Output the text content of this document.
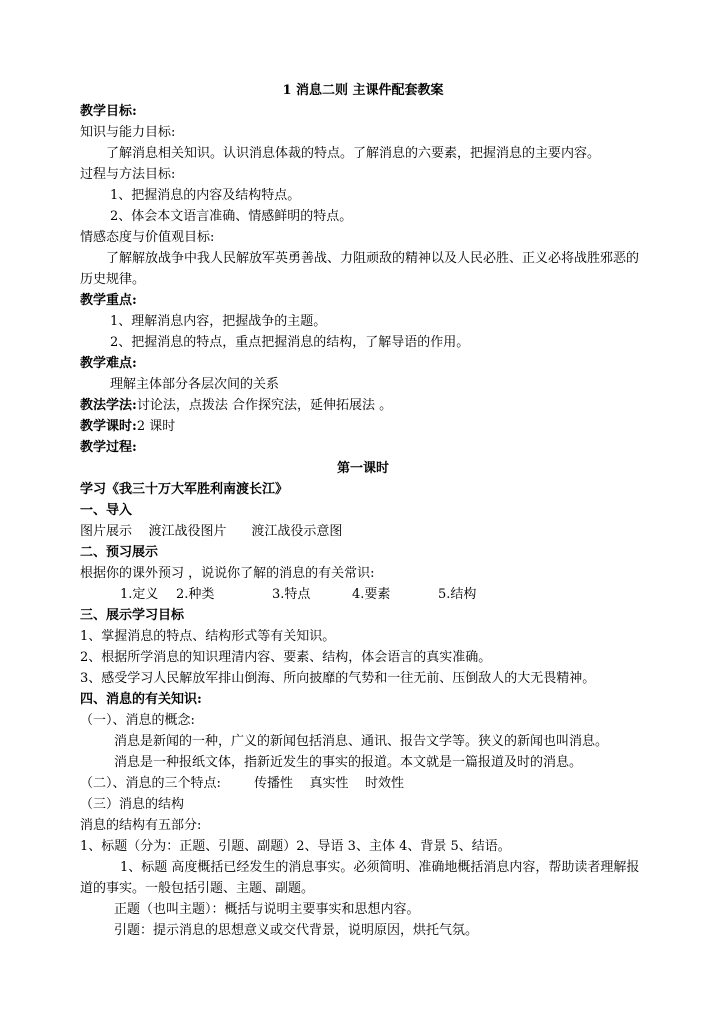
1 消息二则 主课件配套教案
教学目标:
知识与能力目标:
了解消息相关知识。认识消息体裁的特点。了解消息的六要素，把握消息的主要内容。
过程与方法目标:
1、把握消息的内容及结构特点。
2、体会本文语言准确、情感鲜明的特点。
情感态度与价值观目标:
了解解放战争中我人民解放军英勇善战、力阻顽敌的精神以及人民必胜、正义必将战胜邪恶的历史规律。
教学重点:
1、理解消息内容，把握战争的主题。
2、把握消息的特点，重点把握消息的结构，了解导语的作用。
教学难点:
理解主体部分各层次间的关系
教法学法:讨论法，点拨法 合作探究法，延伸拓展法 。
教学课时:2 课时
教学过程:
第一课时
学习《我三十万大军胜利南渡长江》
一、导入
图片展示 渡江战役图片 渡江战役示意图
二、预习展示
根据你的课外预习 ，说说你了解的消息的有关常识:
1.定义 2.种类	3.特点	4.要素	5.结构
三、展示学习目标
1、掌握消息的特点、结构形式等有关知识。
2、根据所学消息的知识理清内容、要素、结构，体会语言的真实准确。
3、感受学习人民解放军排山倒海、所向披靡的气势和一往无前、压倒敌人的大无畏精神。
四、消息的有关知识:
（一）、消息的概念:
消息是新闻的一种，广义的新闻包括消息、通讯、报告文学等。狭义的新闻也叫消息。
消息是一种报纸文体，指新近发生的事实的报道。本文就是一篇报道及时的消息。
（二）、消息的三个特点:	传播性 真实性 时效性
（三）消息的结构
消息的结构有五部分:
1、标题（分为：正题、引题、副题）2、导语 3、主体 4、背景 5、结语。
1、标题 高度概括已经发生的消息事实。必须简明、准确地概括消息内容，帮助读者理解报道的事实。一般包括引题、主题、副题。
正题（也叫主题）：概括与说明主要事实和思想内容。
引题：提示消息的思想意义或交代背景，说明原因，烘托气氛。
